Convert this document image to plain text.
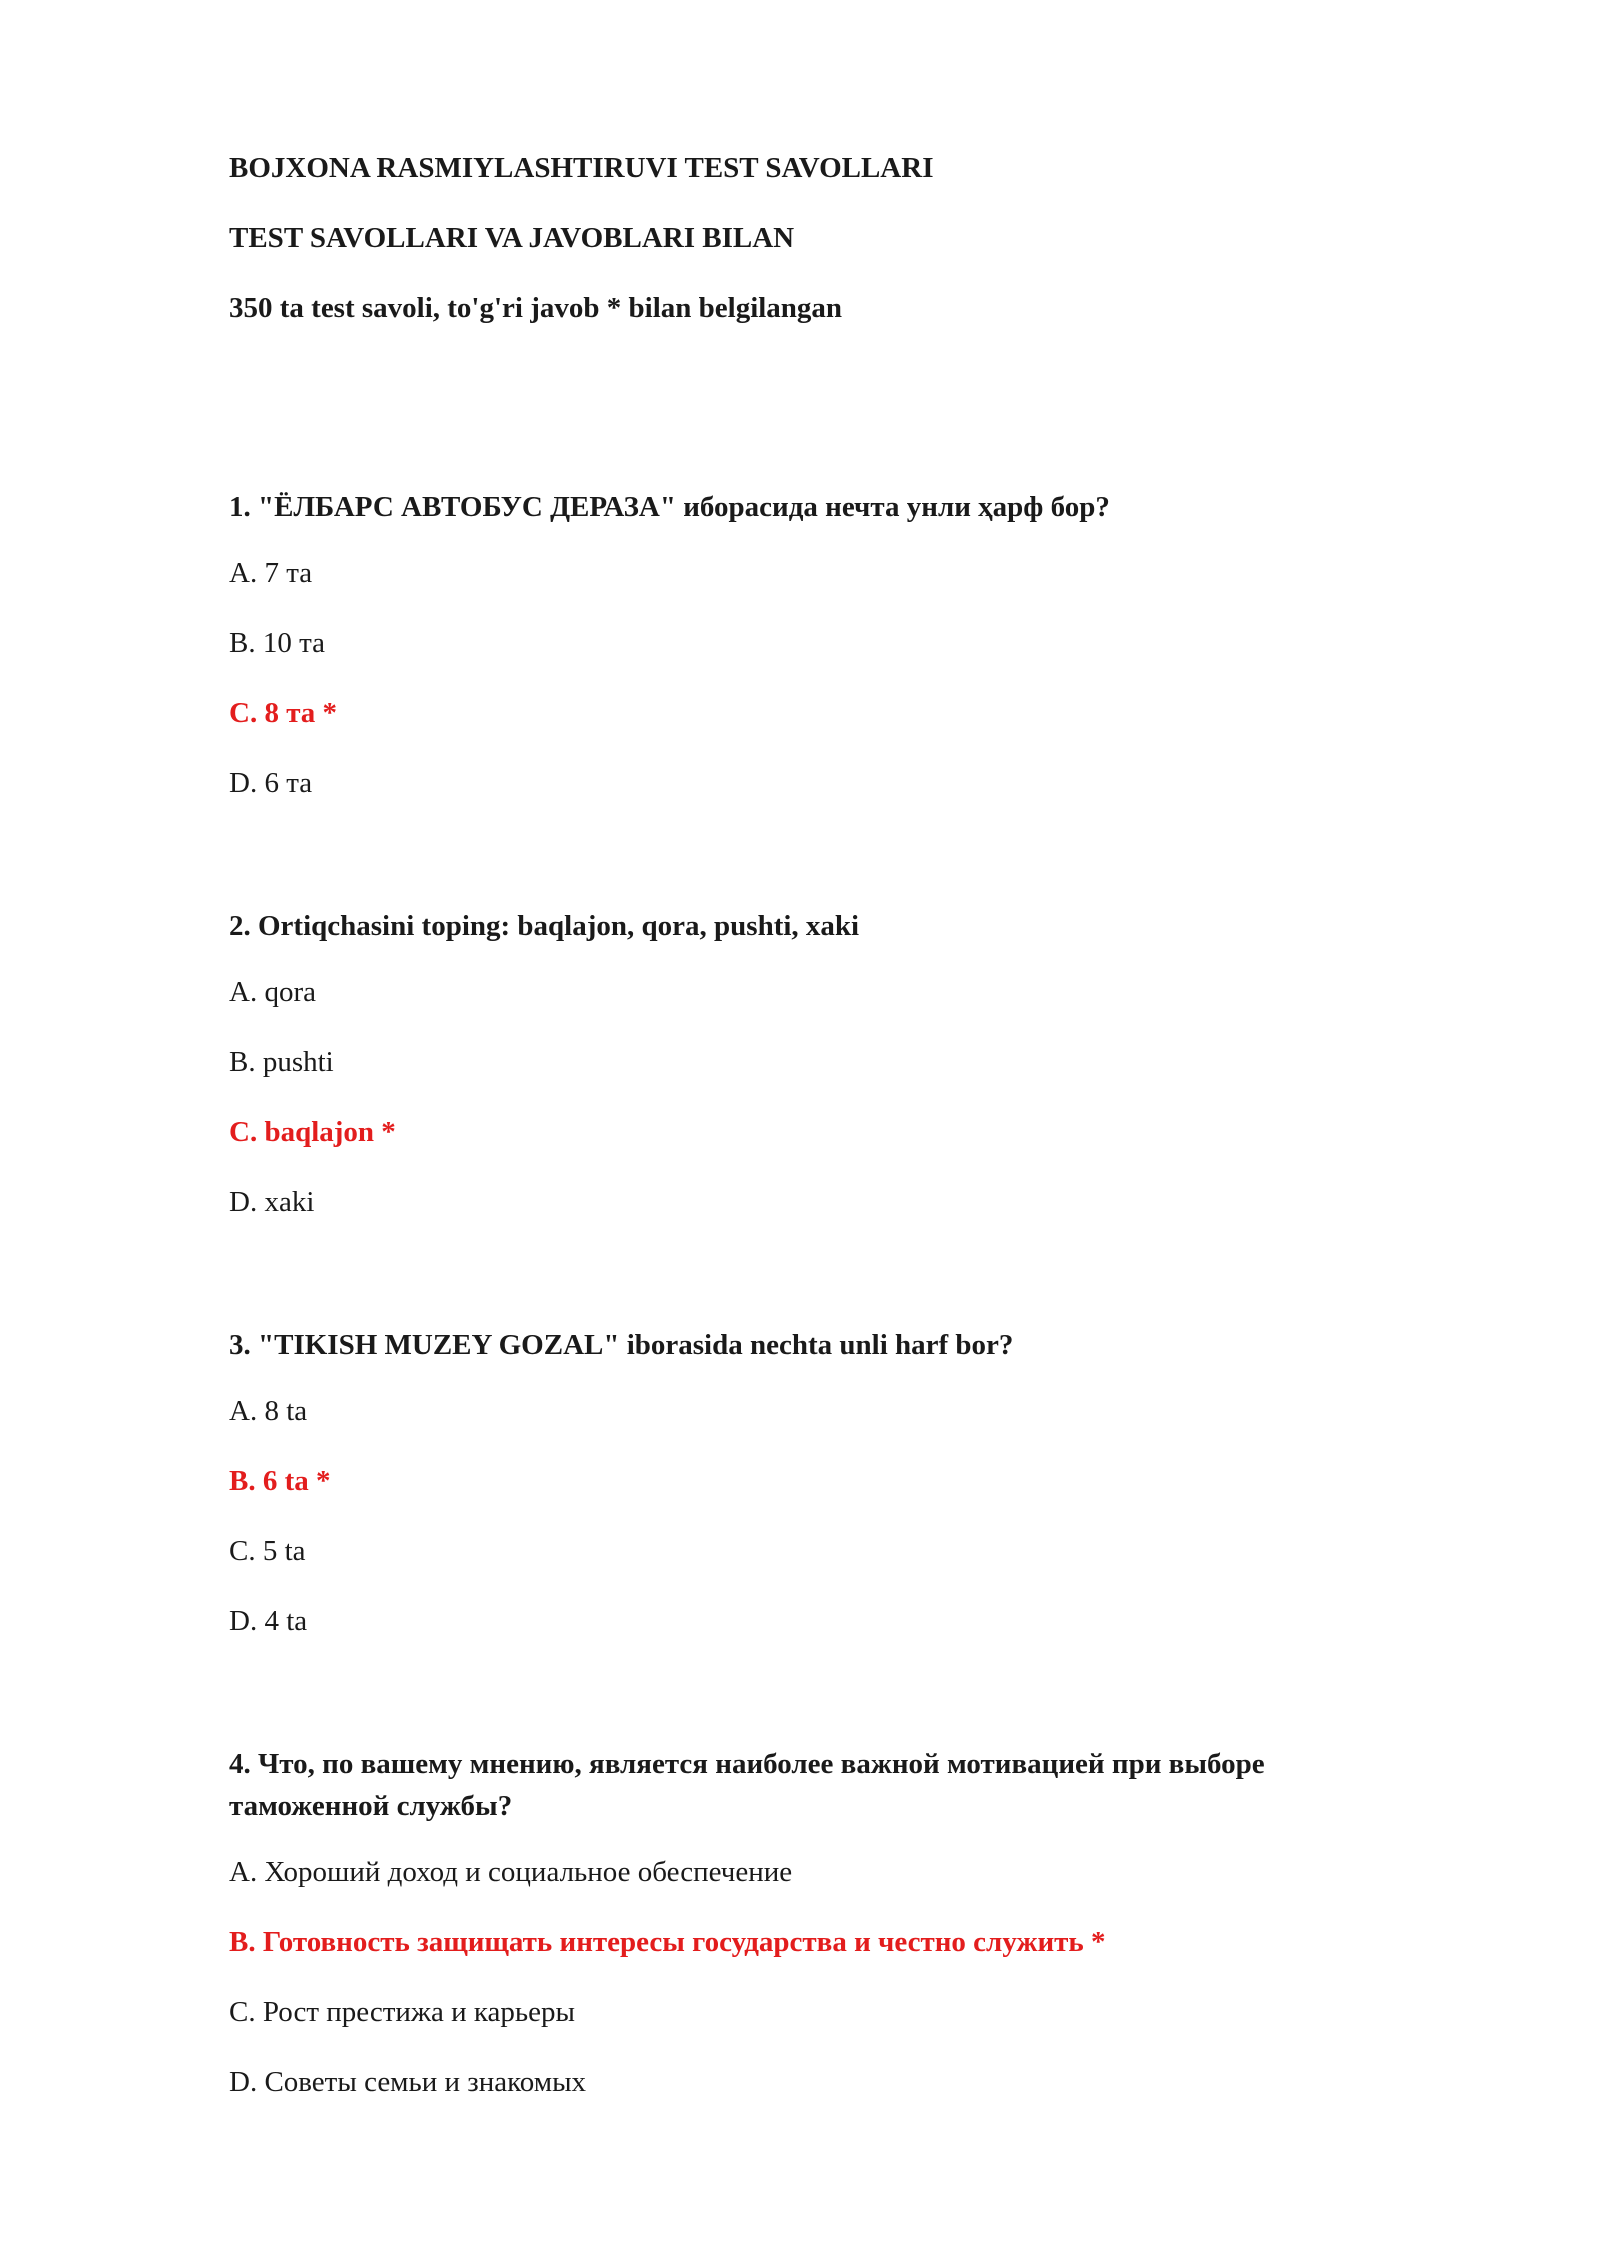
BOJXONA RASMIYLASHTIRUVI TEST SAVOLLARI
TEST SAVOLLARI VA JAVOBLARI BILAN
350 ta test savoli, to'g'ri javob * bilan belgilangan
1. "ЁЛБАРС АВТОБУС ДЕРАЗА" иборасида нечта унли ҳарф бор?
A. 7 та
B. 10 та
C. 8 та *
D. 6 та
2. Ortiqchasini toping: baqlajon, qora, pushti, xaki
A. qora
B. pushti
C. baqlajon *
D. xaki
3. "TIKISH MUZEY GOZAL" iborasida nechta unli harf bor?
A. 8 ta
B. 6 ta *
C. 5 ta
D. 4 ta
4. Что, по вашему мнению, является наиболее важной мотивацией при выборе таможенной службы?
A. Хороший доход и социальное обеспечение
B. Готовность защищать интересы государства и честно служить *
C. Рост престижа и карьеры
D. Советы семьи и знакомых
